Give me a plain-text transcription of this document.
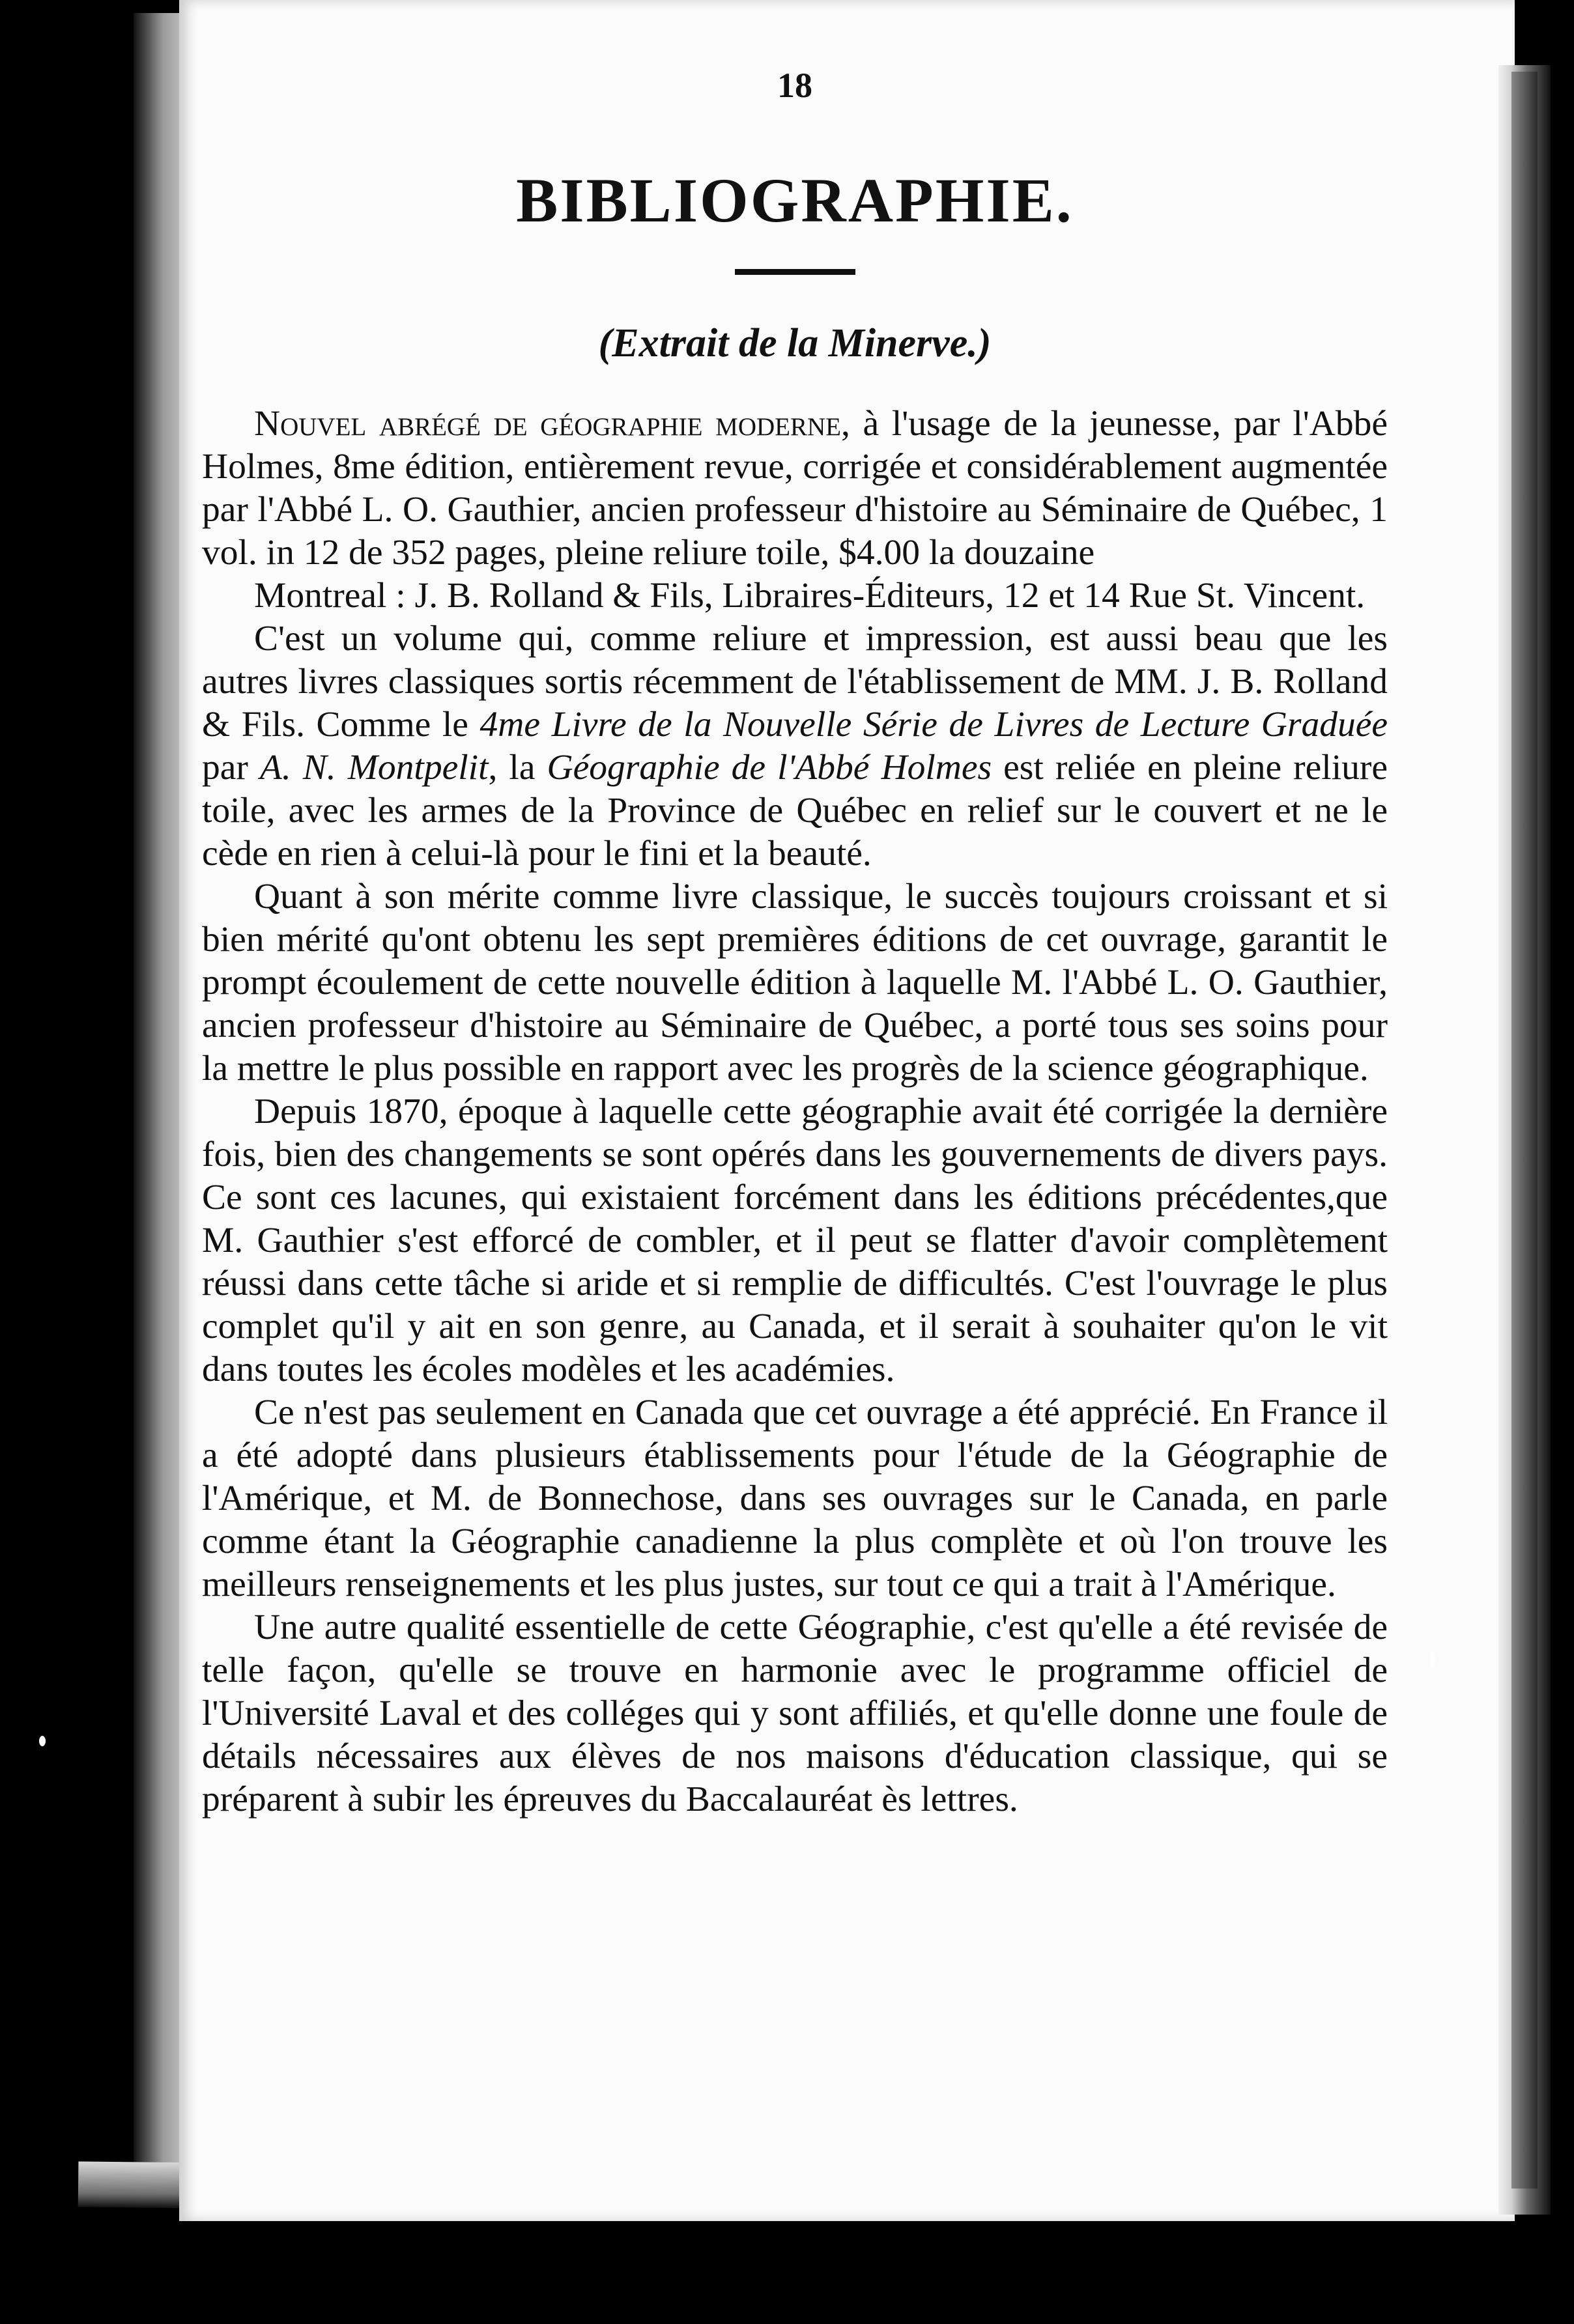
18
BIBLIOGRAPHIE.
(Extrait de la Minerve.)

Nouvel abrégé de géographie moderne, à l'usage de la jeunesse, par l'Abbé Holmes, 8me édition, entièrement revue, corrigée et considérablement augmentée par l'Abbé L. O. Gauthier, ancien professeur d'histoire au Séminaire de Québec, 1 vol. in 12 de 352 pages, pleine reliure toile, $4.00 la douzaine

Montreal : J. B. Rolland & Fils, Libraires-Éditeurs, 12 et 14 Rue St. Vincent.

C'est un volume qui, comme reliure et impression, est aussi beau que les autres livres classiques sortis récemment de l'établissement de MM. J. B. Rolland & Fils. Comme le 4me Livre de la Nouvelle Série de Livres de Lecture Graduée par A. N. Montpelit, la Géographie de l'Abbé Holmes est reliée en pleine reliure toile, avec les armes de la Province de Québec en relief sur le couvert et ne le cède en rien à celui-là pour le fini et la beauté.

Quant à son mérite comme livre classique, le succès toujours croissant et si bien mérité qu'ont obtenu les sept premières éditions de cet ouvrage, garantit le prompt écoulement de cette nouvelle édition à laquelle M. l'Abbé L. O. Gauthier, ancien professeur d'histoire au Séminaire de Québec, a porté tous ses soins pour la mettre le plus possible en rapport avec les progrès de la science géographique.

Depuis 1870, époque à laquelle cette géographie avait été corrigée la dernière fois, bien des changements se sont opérés dans les gouvernements de divers pays. Ce sont ces lacunes, qui existaient forcément dans les éditions précédentes,que M. Gauthier s'est efforcé de combler, et il peut se flatter d'avoir complètement réussi dans cette tâche si aride et si remplie de difficultés. C'est l'ouvrage le plus complet qu'il y ait en son genre, au Canada, et il serait à souhaiter qu'on le vit dans toutes les écoles modèles et les académies.

Ce n'est pas seulement en Canada que cet ouvrage a été apprécié. En France il a été adopté dans plusieurs établissements pour l'étude de la Géographie de l'Amérique, et M. de Bonnechose, dans ses ouvrages sur le Canada, en parle comme étant la Géographie canadienne la plus complète et où l'on trouve les meilleurs renseignements et les plus justes, sur tout ce qui a trait à l'Amérique.

Une autre qualité essentielle de cette Géographie, c'est qu'elle a été revisée de telle façon, qu'elle se trouve en harmonie avec le programme officiel de l'Université Laval et des colléges qui y sont affiliés, et qu'elle donne une foule de détails nécessaires aux élèves de nos maisons d'éducation classique, qui se préparent à subir les épreuves du Baccalauréat ès lettres.
